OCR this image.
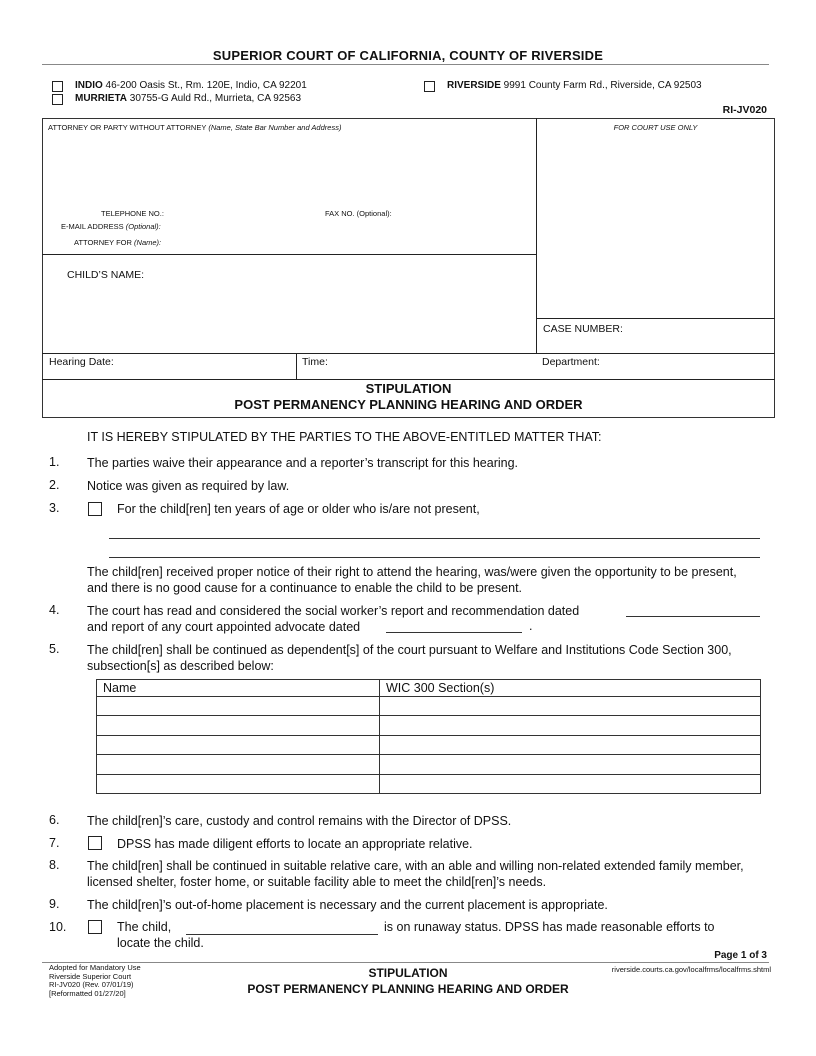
SUPERIOR COURT OF CALIFORNIA, COUNTY OF RIVERSIDE
INDIO 46-200 Oasis St., Rm. 120E, Indio, CA 92201
MURRIETA 30755-G Auld Rd., Murrieta, CA 92563
RIVERSIDE 9991 County Farm Rd., Riverside, CA 92503
RI-JV020
ATTORNEY OR PARTY WITHOUT ATTORNEY (Name, State Bar Number and Address)	FOR COURT USE ONLY
TELEPHONE NO.:	FAX NO. (Optional):
E-MAIL ADDRESS (Optional):
ATTORNEY FOR (Name):
CHILD’S NAME:
CASE NUMBER:
Hearing Date:	Time:	Department:
STIPULATION
POST PERMANENCY PLANNING HEARING AND ORDER
IT IS HEREBY STIPULATED BY THE PARTIES TO THE ABOVE-ENTITLED MATTER THAT:
1. The parties waive their appearance and a reporter’s transcript for this hearing.
2. Notice was given as required by law.
3.	For the child[ren] ten years of age or older who is/are not present,
The child[ren] received proper notice of their right to attend the hearing, was/were given the opportunity to be present, and there is no good cause for a continuance to enable the child to be present.
4. The court has read and considered the social worker’s report and recommendation dated
and report of any court appointed advocate dated	.
5. The child[ren] shall be continued as dependent[s] of the court pursuant to Welfare and Institutions Code Section 300, subsection[s] as described below:
Name	WIC 300 Section(s)

6. The child[ren]’s care, custody and control remains with the Director of DPSS.
7.	DPSS has made diligent efforts to locate an appropriate relative.
8. The child[ren] shall be continued in suitable relative care, with an able and willing non-related extended family member, licensed shelter, foster home, or suitable facility able to meet the child[ren]’s needs.
9. The child[ren]’s out-of-home placement is necessary and the current placement is appropriate.
10.	The child,	is on runaway status. DPSS has made reasonable efforts to
locate the child.
Page 1 of 3
Adopted for Mandatory Use
Riverside Superior Court
RI-JV020 (Rev. 07/01/19)
[Reformatted 01/27/20]
STIPULATION
POST PERMANENCY PLANNING HEARING AND ORDER
riverside.courts.ca.gov/localfrms/localfrms.shtml
